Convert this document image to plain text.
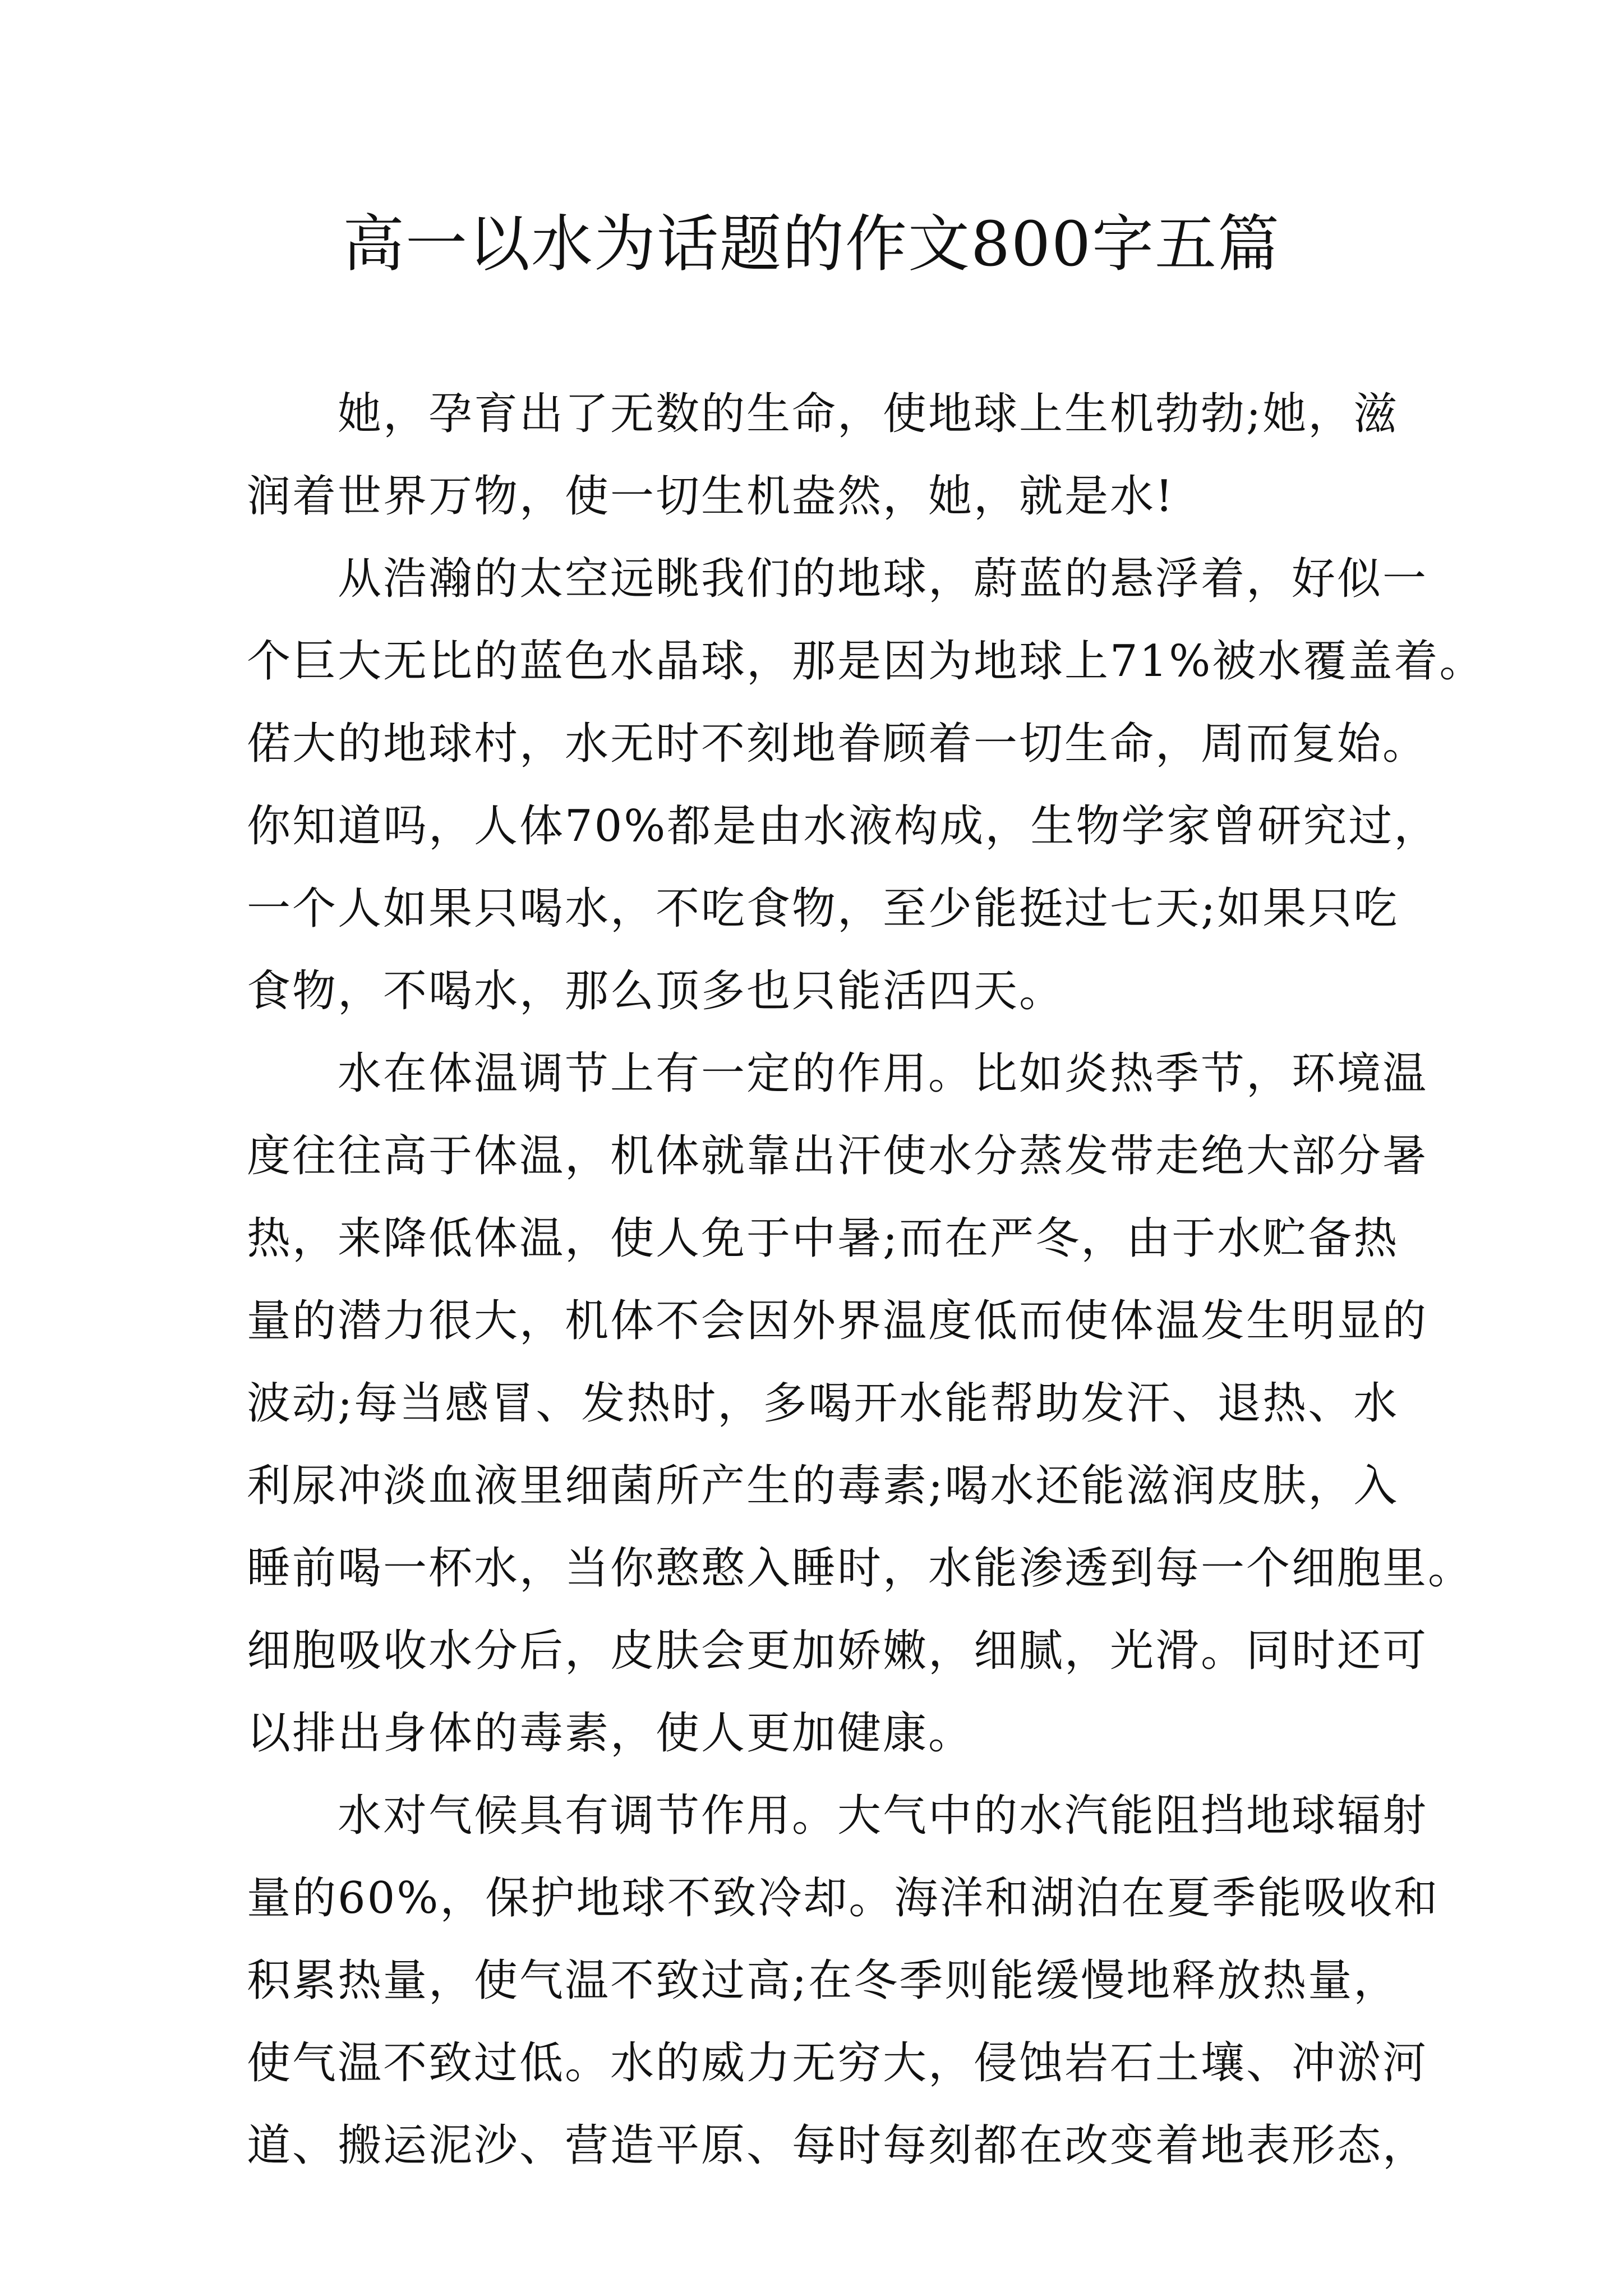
高一以水为话题的作文800字五篇
　　她，孕育出了无数的生命，使地球上生机勃勃;她，滋
润着世界万物，使一切生机盎然，她，就是水!
　　从浩瀚的太空远眺我们的地球，蔚蓝的悬浮着，好似一
个巨大无比的蓝色水晶球，那是因为地球上71%被水覆盖着。
偌大的地球村，水无时不刻地眷顾着一切生命，周而复始。
你知道吗，人体70%都是由水液构成，生物学家曾研究过，
一个人如果只喝水，不吃食物，至少能挺过七天;如果只吃
食物，不喝水，那么顶多也只能活四天。
　　水在体温调节上有一定的作用。比如炎热季节，环境温
度往往高于体温，机体就靠出汗使水分蒸发带走绝大部分暑
热，来降低体温，使人免于中暑;而在严冬，由于水贮备热
量的潜力很大，机体不会因外界温度低而使体温发生明显的
波动;每当感冒、发热时，多喝开水能帮助发汗、退热、水
利尿冲淡血液里细菌所产生的毒素;喝水还能滋润皮肤，入
睡前喝一杯水，当你憨憨入睡时，水能渗透到每一个细胞里。
细胞吸收水分后，皮肤会更加娇嫩，细腻，光滑。同时还可
以排出身体的毒素，使人更加健康。
　　水对气候具有调节作用。大气中的水汽能阻挡地球辐射
量的60%，保护地球不致冷却。海洋和湖泊在夏季能吸收和
积累热量，使气温不致过高;在冬季则能缓慢地释放热量，
使气温不致过低。水的威力无穷大，侵蚀岩石土壤、冲淤河
道、搬运泥沙、营造平原、每时每刻都在改变着地表形态，
